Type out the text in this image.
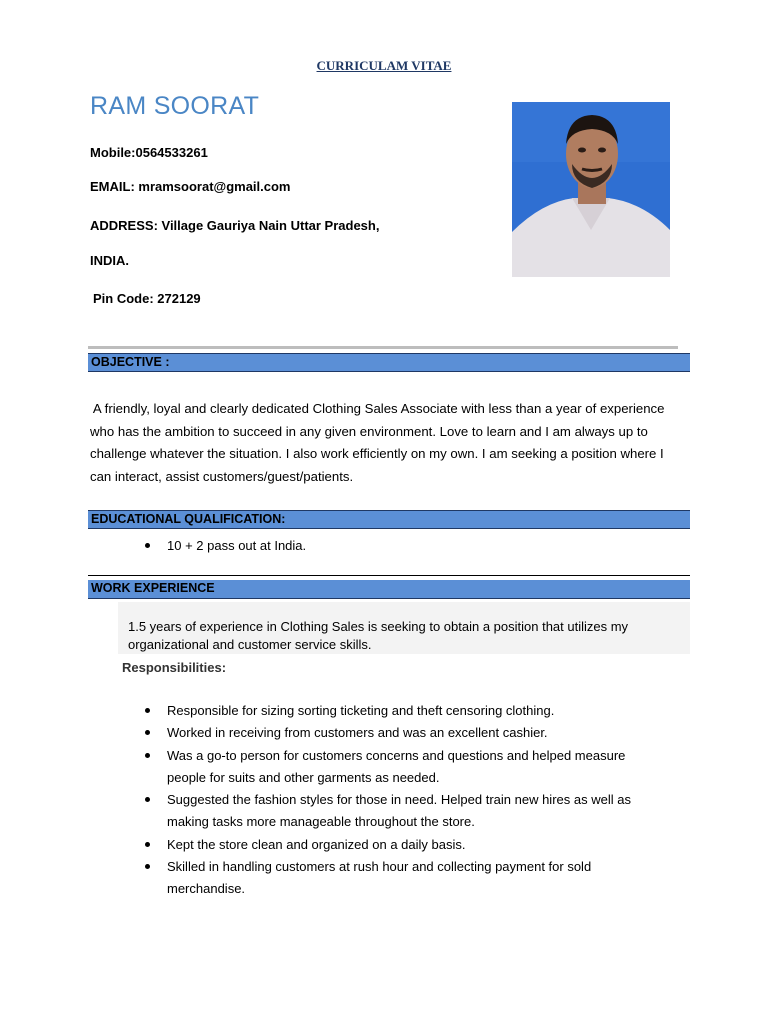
CURRICULAM VITAE
RAM SOORAT
Mobile:0564533261
EMAIL: mramsoorat@gmail.com
ADDRESS: Village Gauriya Nain Uttar Pradesh,
INDIA.
Pin Code: 272129
OBJECTIVE :
A friendly, loyal and clearly dedicated Clothing Sales Associate with less than a year of experience
who has the ambition to succeed in any given environment. Love to learn and I am always up to
challenge whatever the situation. I also work efficiently on my own. I am seeking a position where I
can interact, assist customers/guest/patients.
EDUCATIONAL QUALIFICATION:
10 + 2 pass out at India.
WORK EXPERIENCE
1.5 years of experience in Clothing Sales is seeking to obtain a position that utilizes my
organizational and customer service skills.
Responsibilities:
Responsible for sizing sorting ticketing and theft censoring clothing.
Worked in receiving from customers and was an excellent cashier.
Was a go-to person for customers concerns and questions and helped measure
people for suits and other garments as needed.
Suggested the fashion styles for those in need. Helped train new hires as well as
making tasks more manageable throughout the store.
Kept the store clean and organized on a daily basis.
Skilled in handling customers at rush hour and collecting payment for sold
merchandise.
